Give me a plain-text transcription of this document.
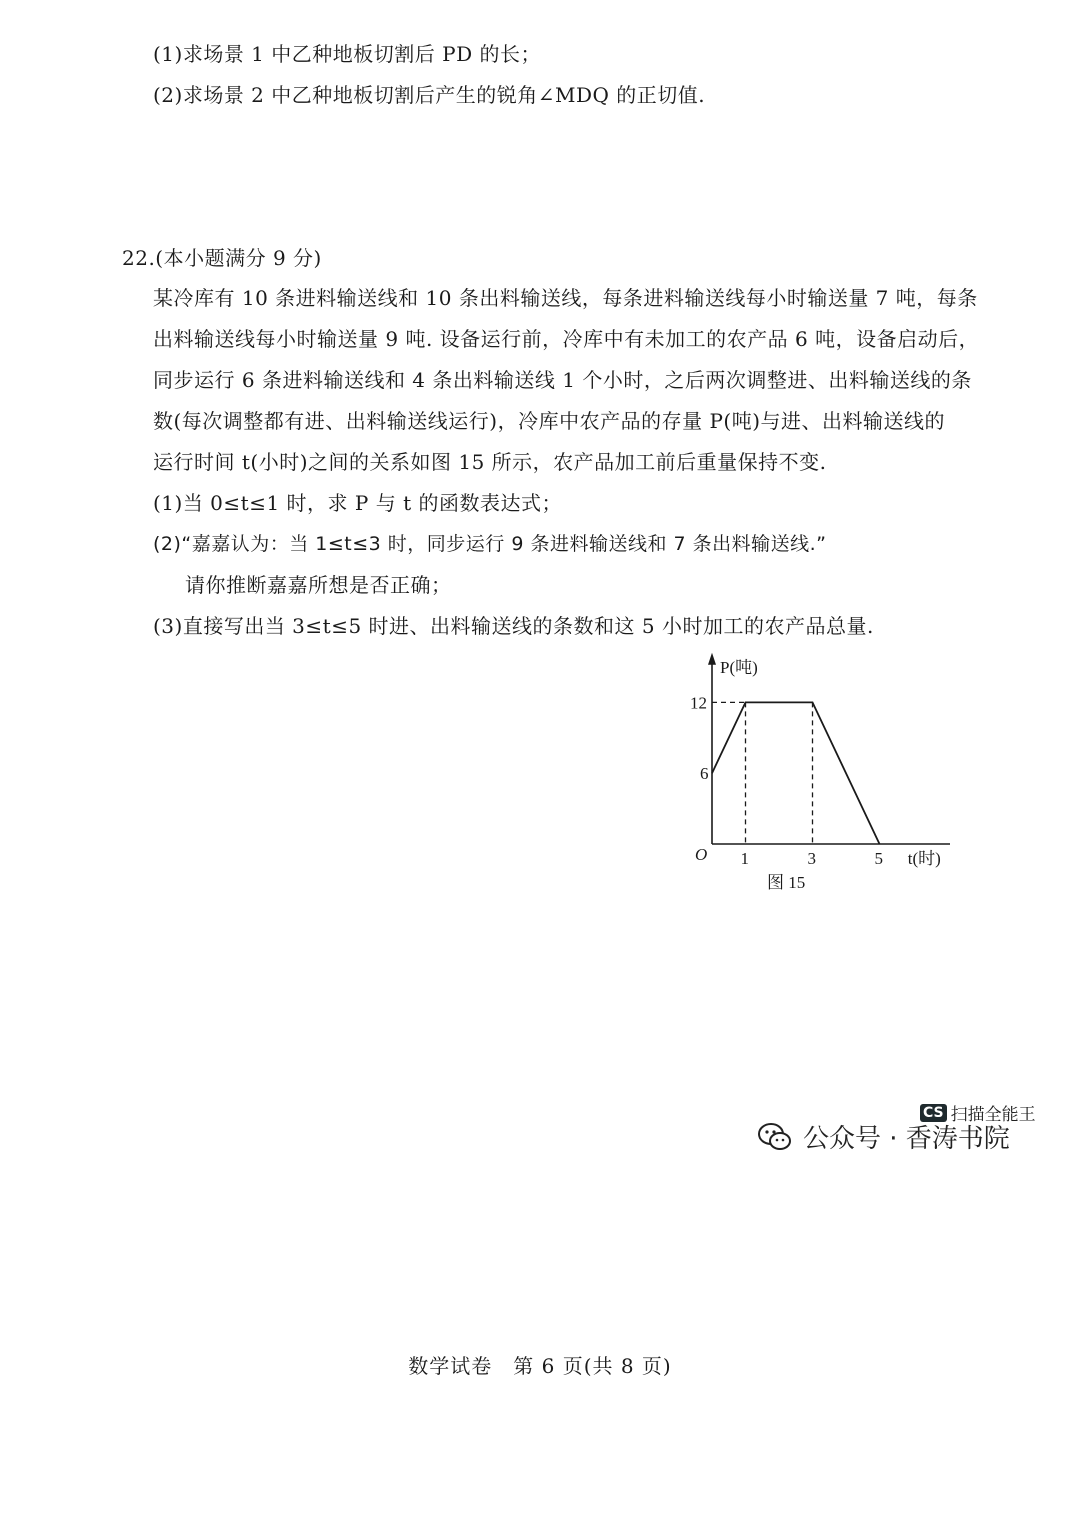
(1)求场景 1 中乙种地板切割后 PD 的长；
(2)求场景 2 中乙种地板切割后产生的锐角∠MDQ 的正切值.
22.(本小题满分 9 分)
某冷库有 10 条进料输送线和 10 条出料输送线，每条进料输送线每小时输送量 7 吨，每条
出料输送线每小时输送量 9 吨. 设备运行前，冷库中有未加工的农产品 6 吨，设备启动后，
同步运行 6 条进料输送线和 4 条出料输送线 1 个小时，之后两次调整进、出料输送线的条
数(每次调整都有进、出料输送线运行)，冷库中农产品的存量 P(吨)与进、出料输送线的
运行时间 t(小时)之间的关系如图 15 所示，农产品加工前后重量保持不变.
(1)当 0≤t≤1 时，求 P 与 t 的函数表达式；
(2)“嘉嘉认为：当 1≤t≤3 时，同步运行 9 条进料输送线和 7 条出料输送线.”
请你推断嘉嘉所想是否正确；
(3)直接写出当 3≤t≤5 时进、出料输送线的条数和这 5 小时加工的农产品总量.
O 1	3	5
6
12
P(吨)
t(时)
图 15
数学试卷　第 6 页(共 8 页)
CS 扫描全能王
公众号 · 香涛书院
